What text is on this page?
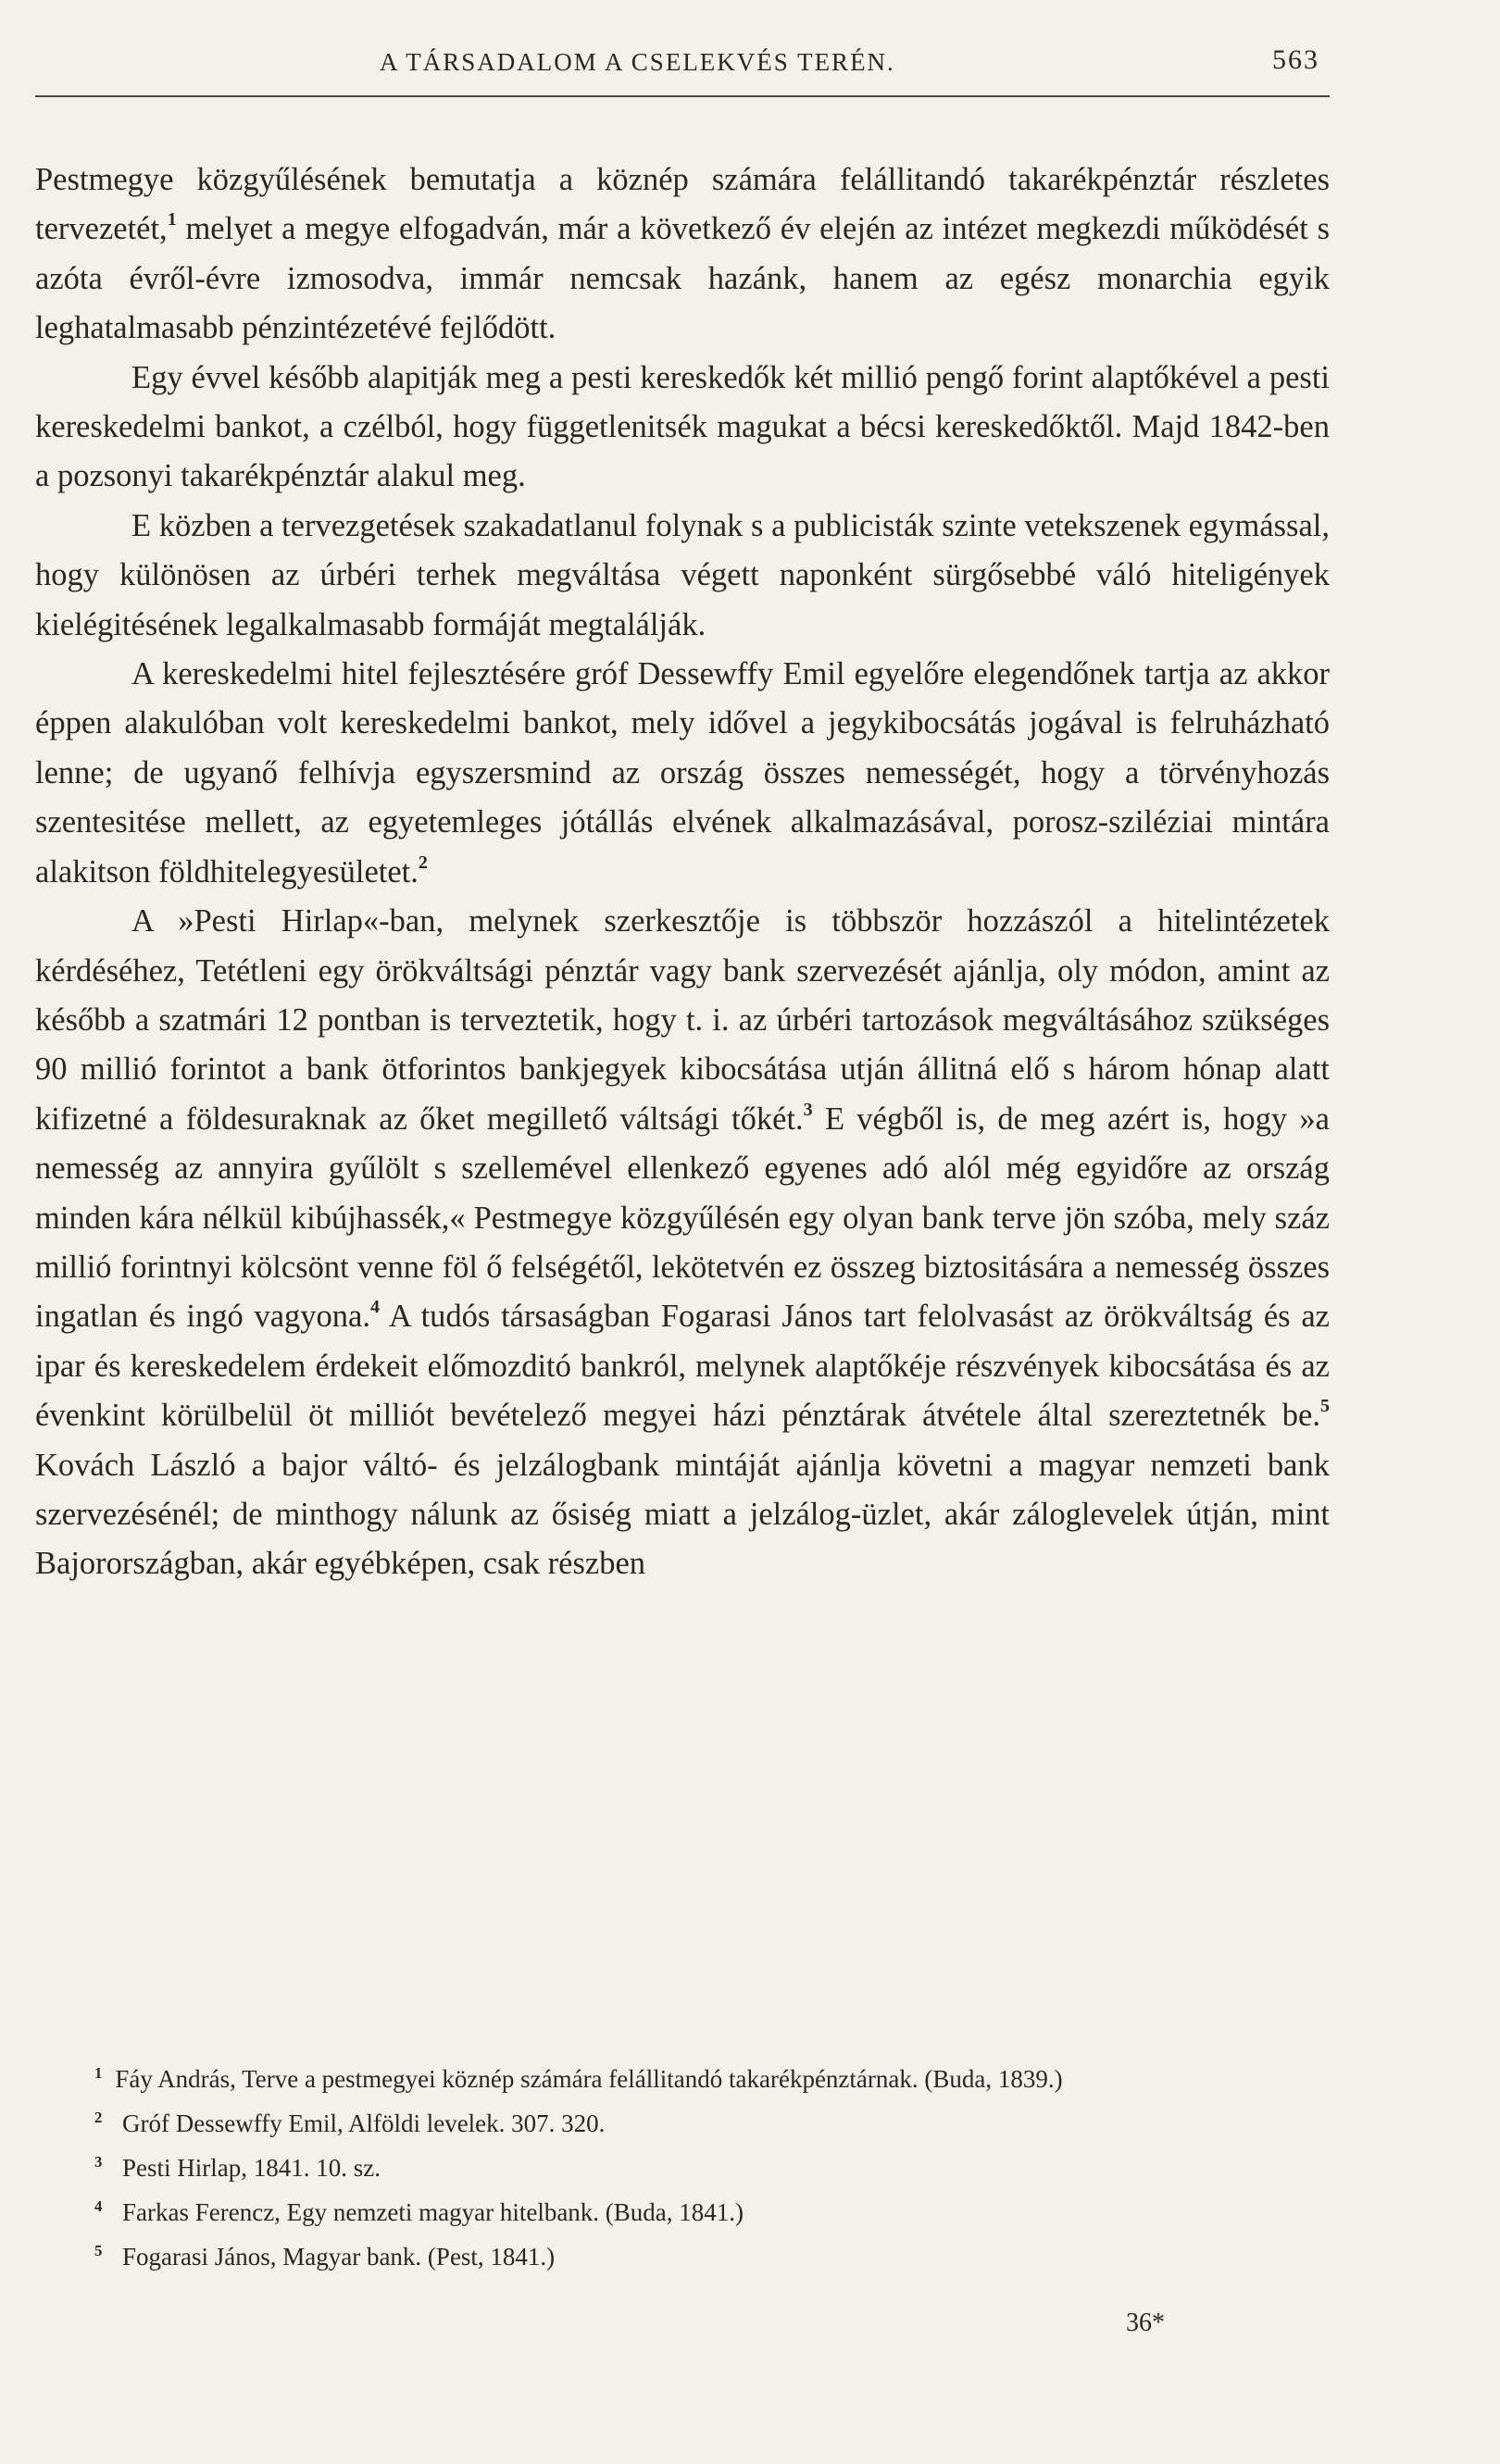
A TÁRSADALOM A CSELEKVÉS TERÉN.	563

Pestmegye közgyűlésének bemutatja a köznép számára felállitandó takarékpénztár részletes tervezetét,$^1$ melyet a megye elfogadván, már a következő év elején az intézet megkezdi működését s azóta évről-évre izmosodva, immár nemcsak hazánk, hanem az egész monarchia egyik leghatalmasabb pénzintézetévé fejlődött.

Egy évvel később alapitják meg a pesti kereskedők két millió pengő forint alaptőkével a pesti kereskedelmi bankot, a czélból, hogy függetlenitsék magukat a bécsi kereskedőktől. Majd 1842-ben a pozsonyi takarékpénztár alakul meg.

E közben a tervezgetések szakadatlanul folynak s a publicisták szinte vetekszenek egymással, hogy különösen az úrbéri terhek megváltása végett naponként sürgősebbé váló hiteligények kielégitésének legalkalmasabb formáját megtalálják.

A kereskedelmi hitel fejlesztésére gróf Dessewffy Emil egyelőre elegendőnek tartja az akkor éppen alakulóban volt kereskedelmi bankot, mely idővel a jegykibocsátás jogával is felruházható lenne; de ugyanő felhívja egyszersmind az ország összes nemességét, hogy a törvényhozás szentesitése mellett, az egyetemleges jótállás elvének alkalmazásával, porosz-sziléziai mintára alakitson földhitelegyesületet.$^2$

A »Pesti Hirlap«-ban, melynek szerkesztője is többször hozzászól a hitelintézetek kérdéséhez, Tetétleni egy örökváltsági pénztár vagy bank szervezését ajánlja, oly módon, amint az később a szatmári 12 pontban is terveztetik, hogy t. i. az úrbéri tartozások megváltásához szükséges 90 millió forintot a bank ötforintos bankjegyek kibocsátása utján állitná elő s három hónap alatt kifizetné a földesuraknak az őket megillető váltsági tőkét.$^3$ E végből is, de meg azért is, hogy »a nemesség az annyira gyűlölt s szellemével ellenkező egyenes adó alól még egyidőre az ország minden kára nélkül kibújhassék,« Pestmegye közgyűlésén egy olyan bank terve jön szóba, mely száz millió forintnyi kölcsönt venne föl ő felségétől, lekötetvén ez összeg biztositására a nemesség összes ingatlan és ingó vagyona.$^4$ A tudós társaságban Fogarasi János tart felolvasást az örökváltság és az ipar és kereskedelem érdekeit előmozditó bankról, melynek alaptőkéje részvények kibocsátása és az évenkint körülbelül öt milliót bevételező megyei házi pénztárak átvétele által szereztetnék be.$^5$ Kovách László a bajor váltó- és jelzálogbank mintáját ajánlja követni a magyar nemzeti bank szervezésénél; de minthogy nálunk az ősiség miatt a jelzálog-üzlet, akár záloglevelek útján, mint Bajorországban, akár egyébképen, csak részben

$^1$ Fáy András, Terve a pestmegyei köznép számára felállitandó takarékpénztárnak. (Buda, 1839.)

2 Gróf Dessewffy Emil, Alföldi levelek. 307. 320.

3 Pesti Hirlap, 1841. 10. sz.

4 Farkas Ferencz, Egy nemzeti magyar hitelbank. (Buda, 1841.)

5 Fogarasi János, Magyar bank. (Pest, 1841.)

36*
